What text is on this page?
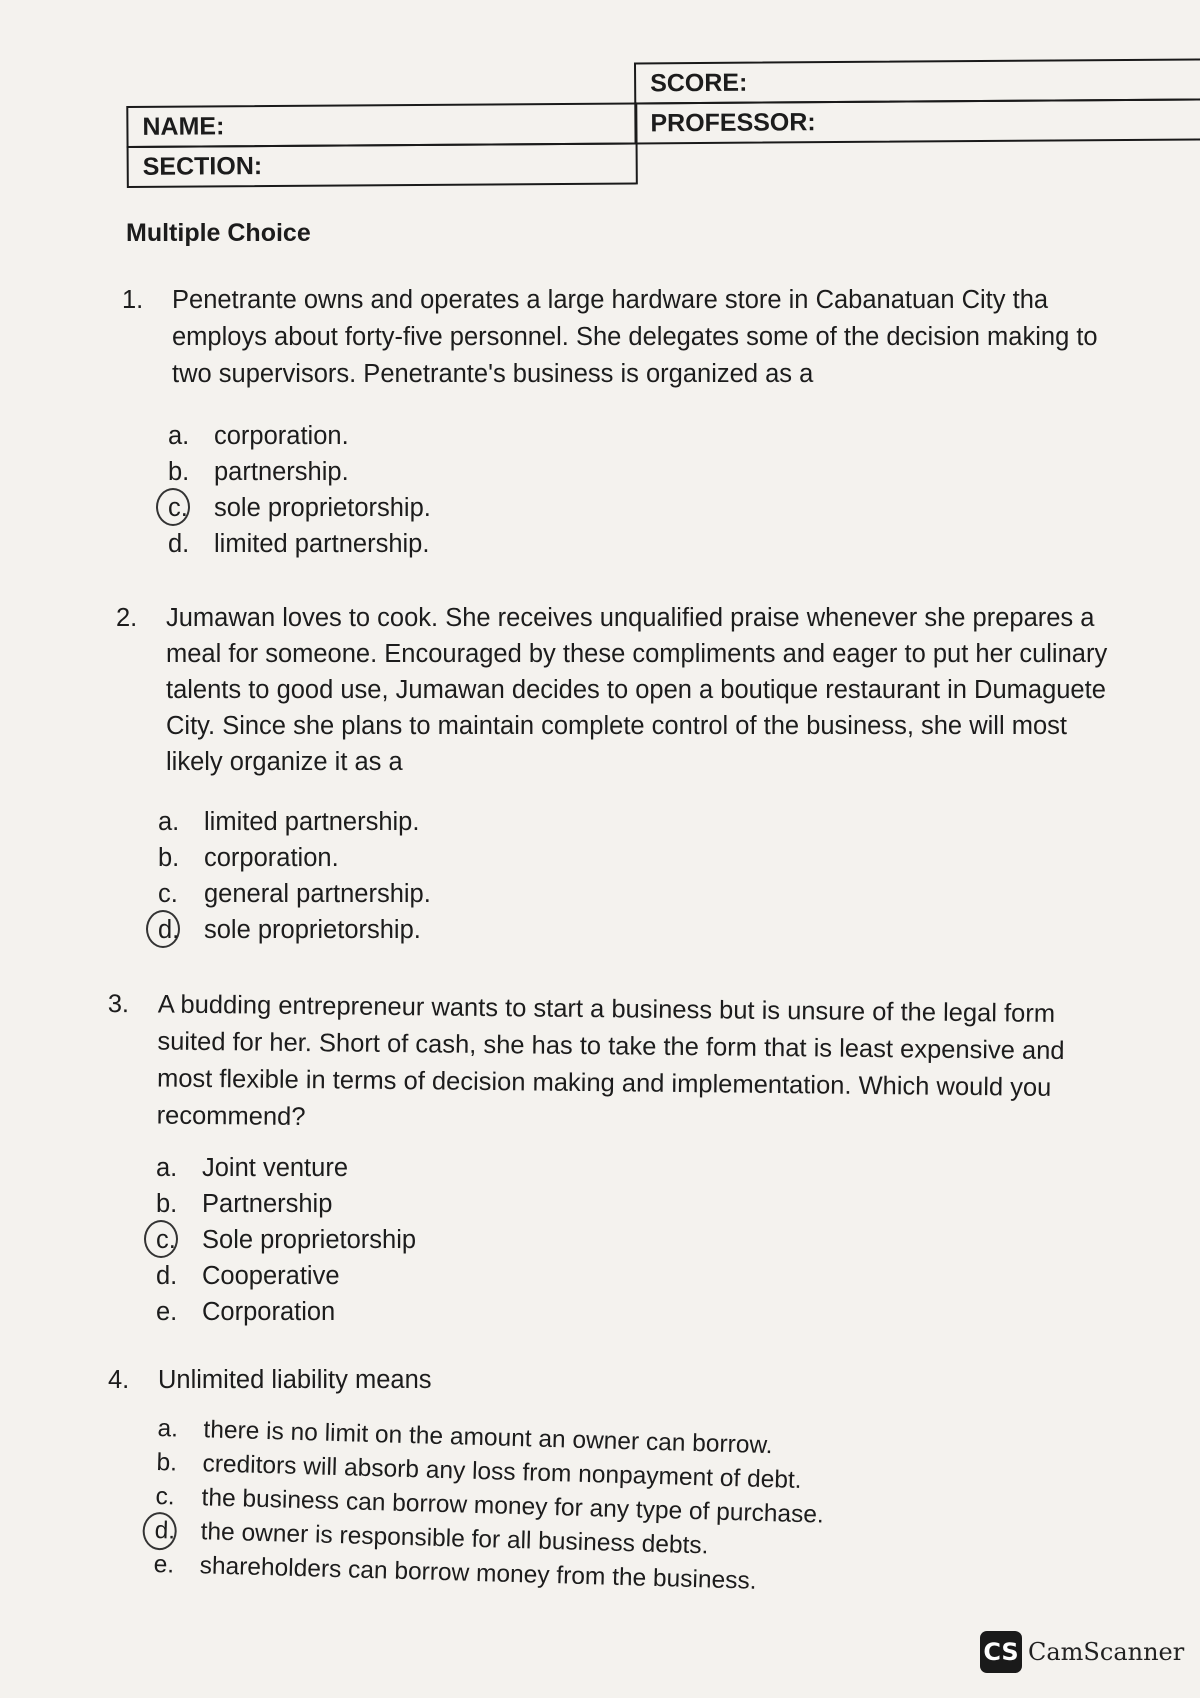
SCORE:
NAME:	PROFESSOR:
SECTION:
Multiple Choice
1. Penetrante owns and operates a large hardware store in Cabanatuan City tha
employs about forty-five personnel. She delegates some of the decision making to
two supervisors. Penetrante's business is organized as a
a. corporation.
b. partnership.
c.	sole proprietorship.
d. limited partnership.
2. Jumawan loves to cook. She receives unqualified praise whenever she prepares a
meal for someone. Encouraged by these compliments and eager to put her culinary
talents to good use, Jumawan decides to open a boutique restaurant in Dumaguete
City. Since she plans to maintain complete control of the business, she will most
likely organize it as a
a. limited partnership.
b. corporation.
c.	general partnership.
d. sole proprietorship.
3. A budding entrepreneur wants to start a business but is unsure of the legal form
suited for her. Short of cash, she has to take the form that is least expensive and
most flexible in terms of decision making and implementation. Which would you
recommend?
a. Joint venture
b. Partnership
c.	Sole proprietorship
d. Cooperative
e. Corporation
4. Unlimited liability means
a.	there is no limit on the amount an owner can borrow.
b.	creditors will absorb any loss from nonpayment of debt.
c.	the business can borrow money for any type of purchase.
d.	the owner is responsible for all business debts.
e.	shareholders can borrow money from the business.
CS CamScanner
